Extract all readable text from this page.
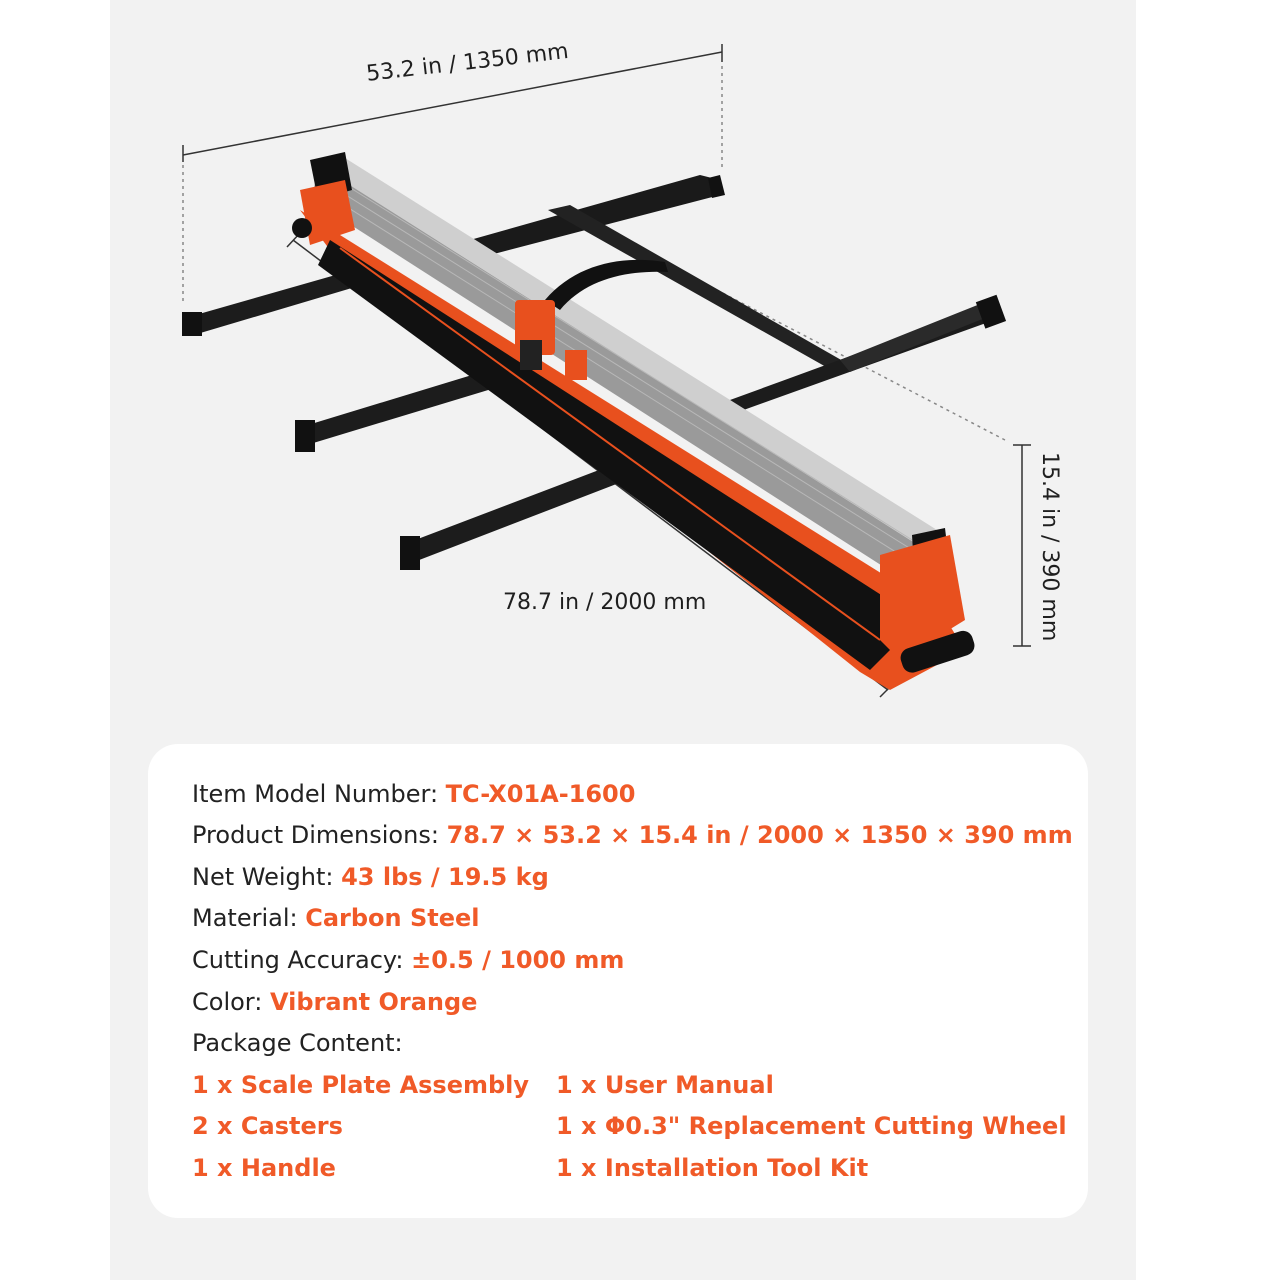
53.2 in / 1350 mm
78.7 in / 2000 mm	15.4 in / 390 mm
Item Model Number: TC-X01A-1600
Product Dimensions: 78.7 × 53.2 × 15.4 in / 2000 × 1350 × 390 mm
Net Weight: 43 lbs / 19.5 kg
Material: Carbon Steel
Cutting Accuracy: ±0.5 / 1000 mm
Color: Vibrant Orange
Package Content:
1 x Scale Plate Assembly
2 x Casters
1 x Handle
1 x User Manual
1 x Φ0.3" Replacement Cutting Wheel
1 x Installation Tool Kit
